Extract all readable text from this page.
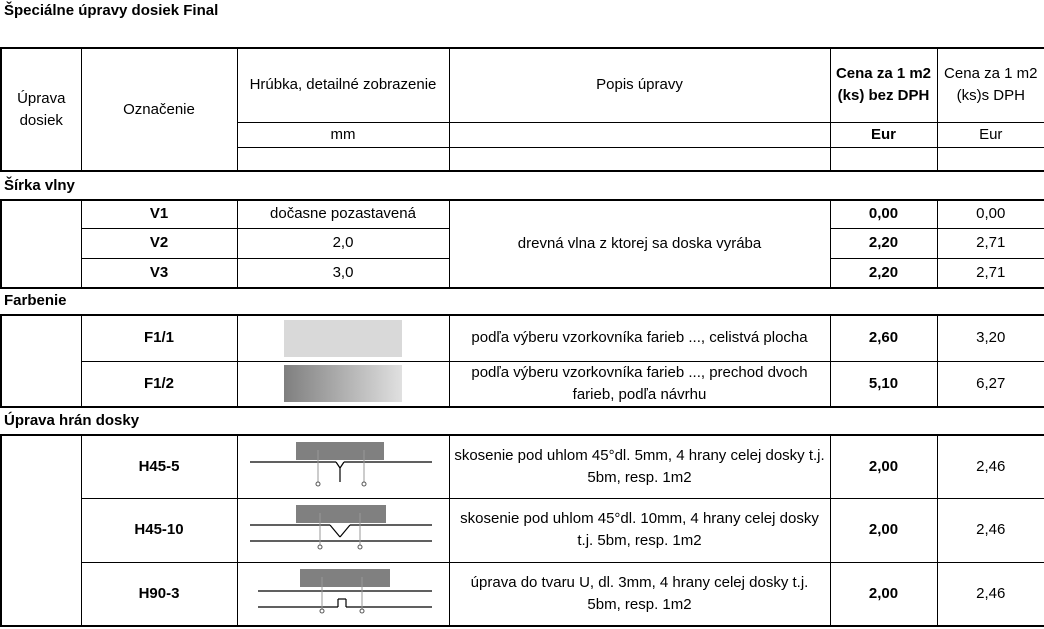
Špeciálne úpravy dosiek Final
Úprava dosiek	Označenie	Hrúbka, detailné zobrazenie	Popis úpravy	Cena za 1 m2 (ks) bez DPH	Cena za 1 m2 (ks)s DPH
		mm		Eur	Eur

Šírka vlny
	V1	dočasne pozastavená	drevná vlna z ktorej sa doska vyrába	0,00	0,00
	V2	2,0		2,20	2,71
	V3	3,0		2,20	2,71
Farbenie
	F1/1		podľa výberu vzorkovníka farieb ..., celistvá plocha	2,60	3,20
	F1/2		podľa výberu vzorkovníka farieb ..., prechod dvoch farieb, podľa návrhu	5,10	6,27
Úprava hrán dosky
	H45-5		skosenie pod uhlom 45°dl. 5mm, 4 hrany celej dosky t.j. 5bm, resp. 1m2	2,00	2,46
	H45-10		skosenie pod uhlom 45°dl. 10mm, 4 hrany celej dosky t.j. 5bm, resp. 1m2	2,00	2,46
	H90-3		úprava do tvaru U, dl. 3mm, 4 hrany celej dosky t.j. 5bm, resp. 1m2	2,00	2,46
